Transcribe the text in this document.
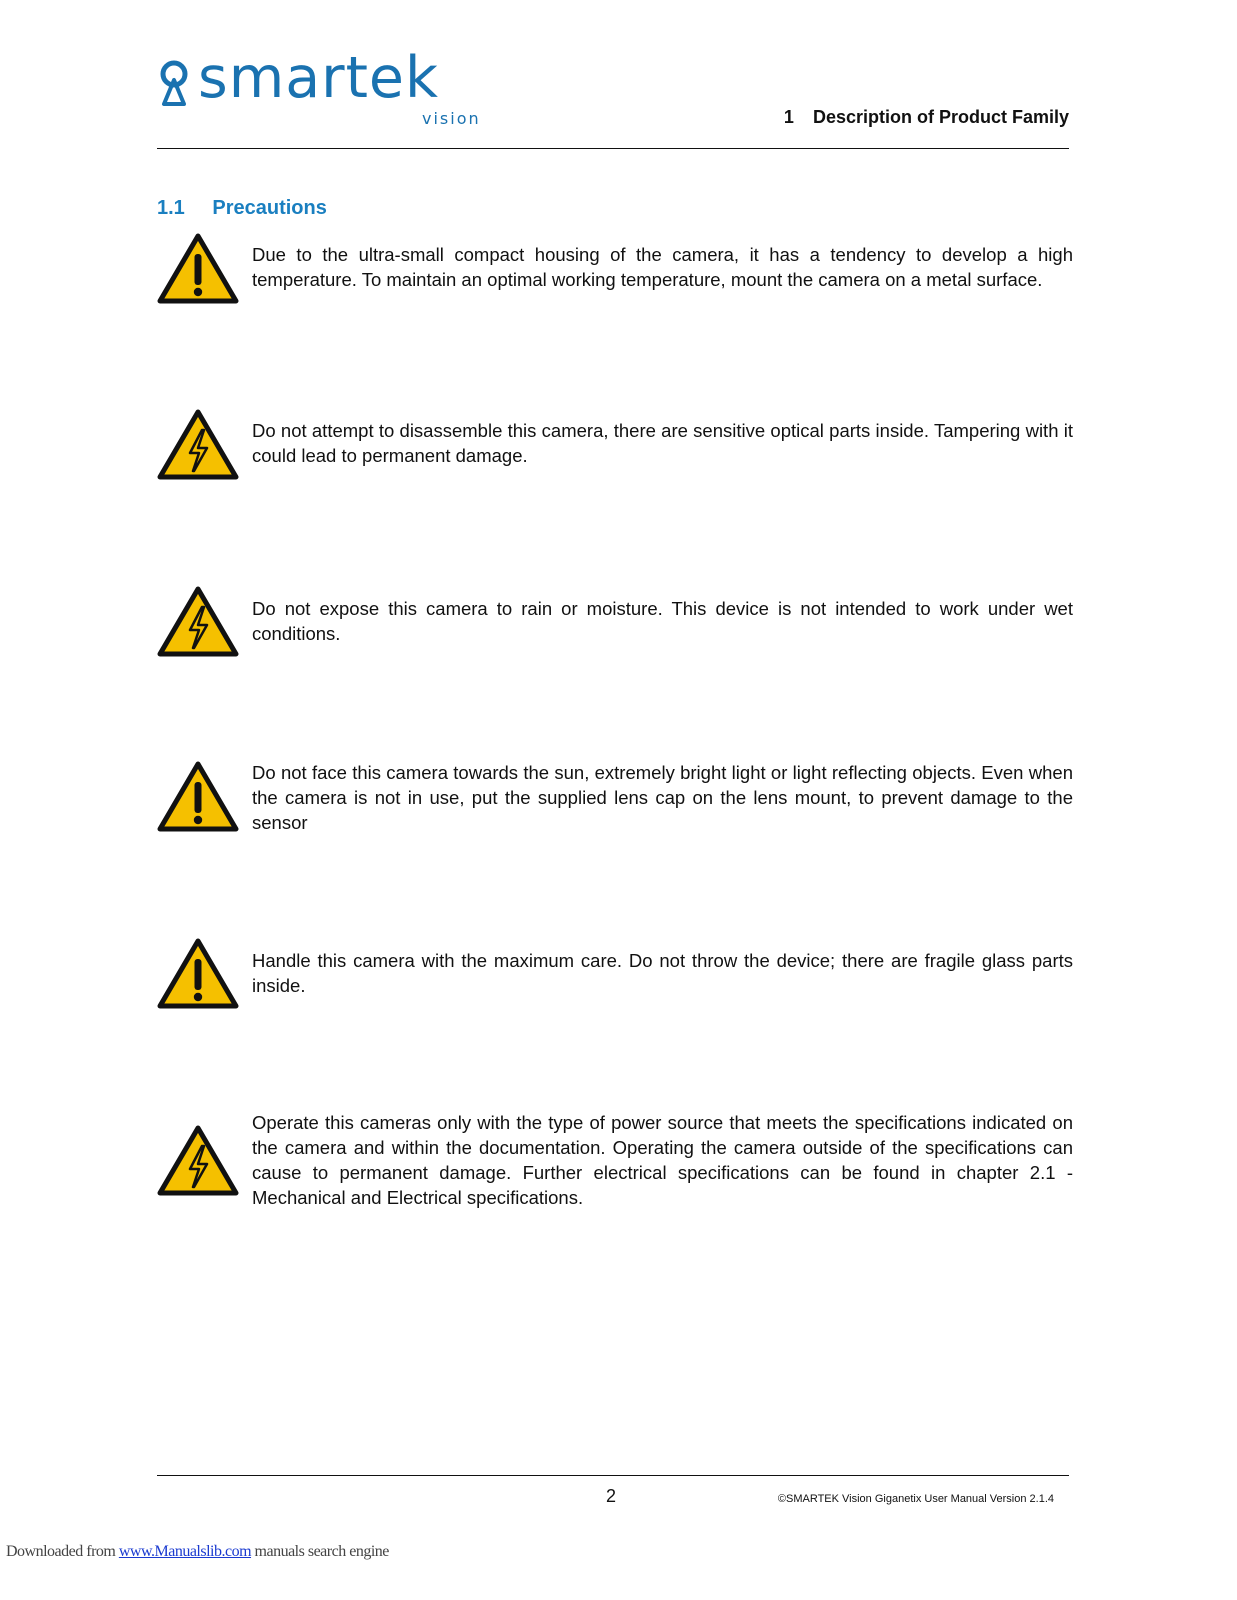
smartek
vision	1 Description of Product Family
1.1 Precautions
Due to the ultra-small compact housing of the camera, it has a tendency to develop a high temperature. To maintain an optimal working temperature, mount the camera on a metal surface.
Do not attempt to disassemble this camera, there are sensitive optical parts inside. Tampering with it could lead to permanent damage.
Do not expose this camera to rain or moisture. This device is not intended to work under wet conditions.
Do not face this camera towards the sun, extremely bright light or light reflecting objects. Even when the camera is not in use, put the supplied lens cap on the lens mount, to prevent damage to the sensor
Handle this camera with the maximum care. Do not throw the device; there are fragile glass parts inside.
Operate this cameras only with the type of power source that meets the specifications indicated on the camera and within the documentation. Operating the camera outside of the specifications can cause to permanent damage. Further electrical specifications can be found in chapter 2.1 - Mechanical and Electrical specifications.
2	©SMARTEK Vision Giganetix User Manual Version 2.1.4
Downloaded from www.Manualslib.com manuals search engine
